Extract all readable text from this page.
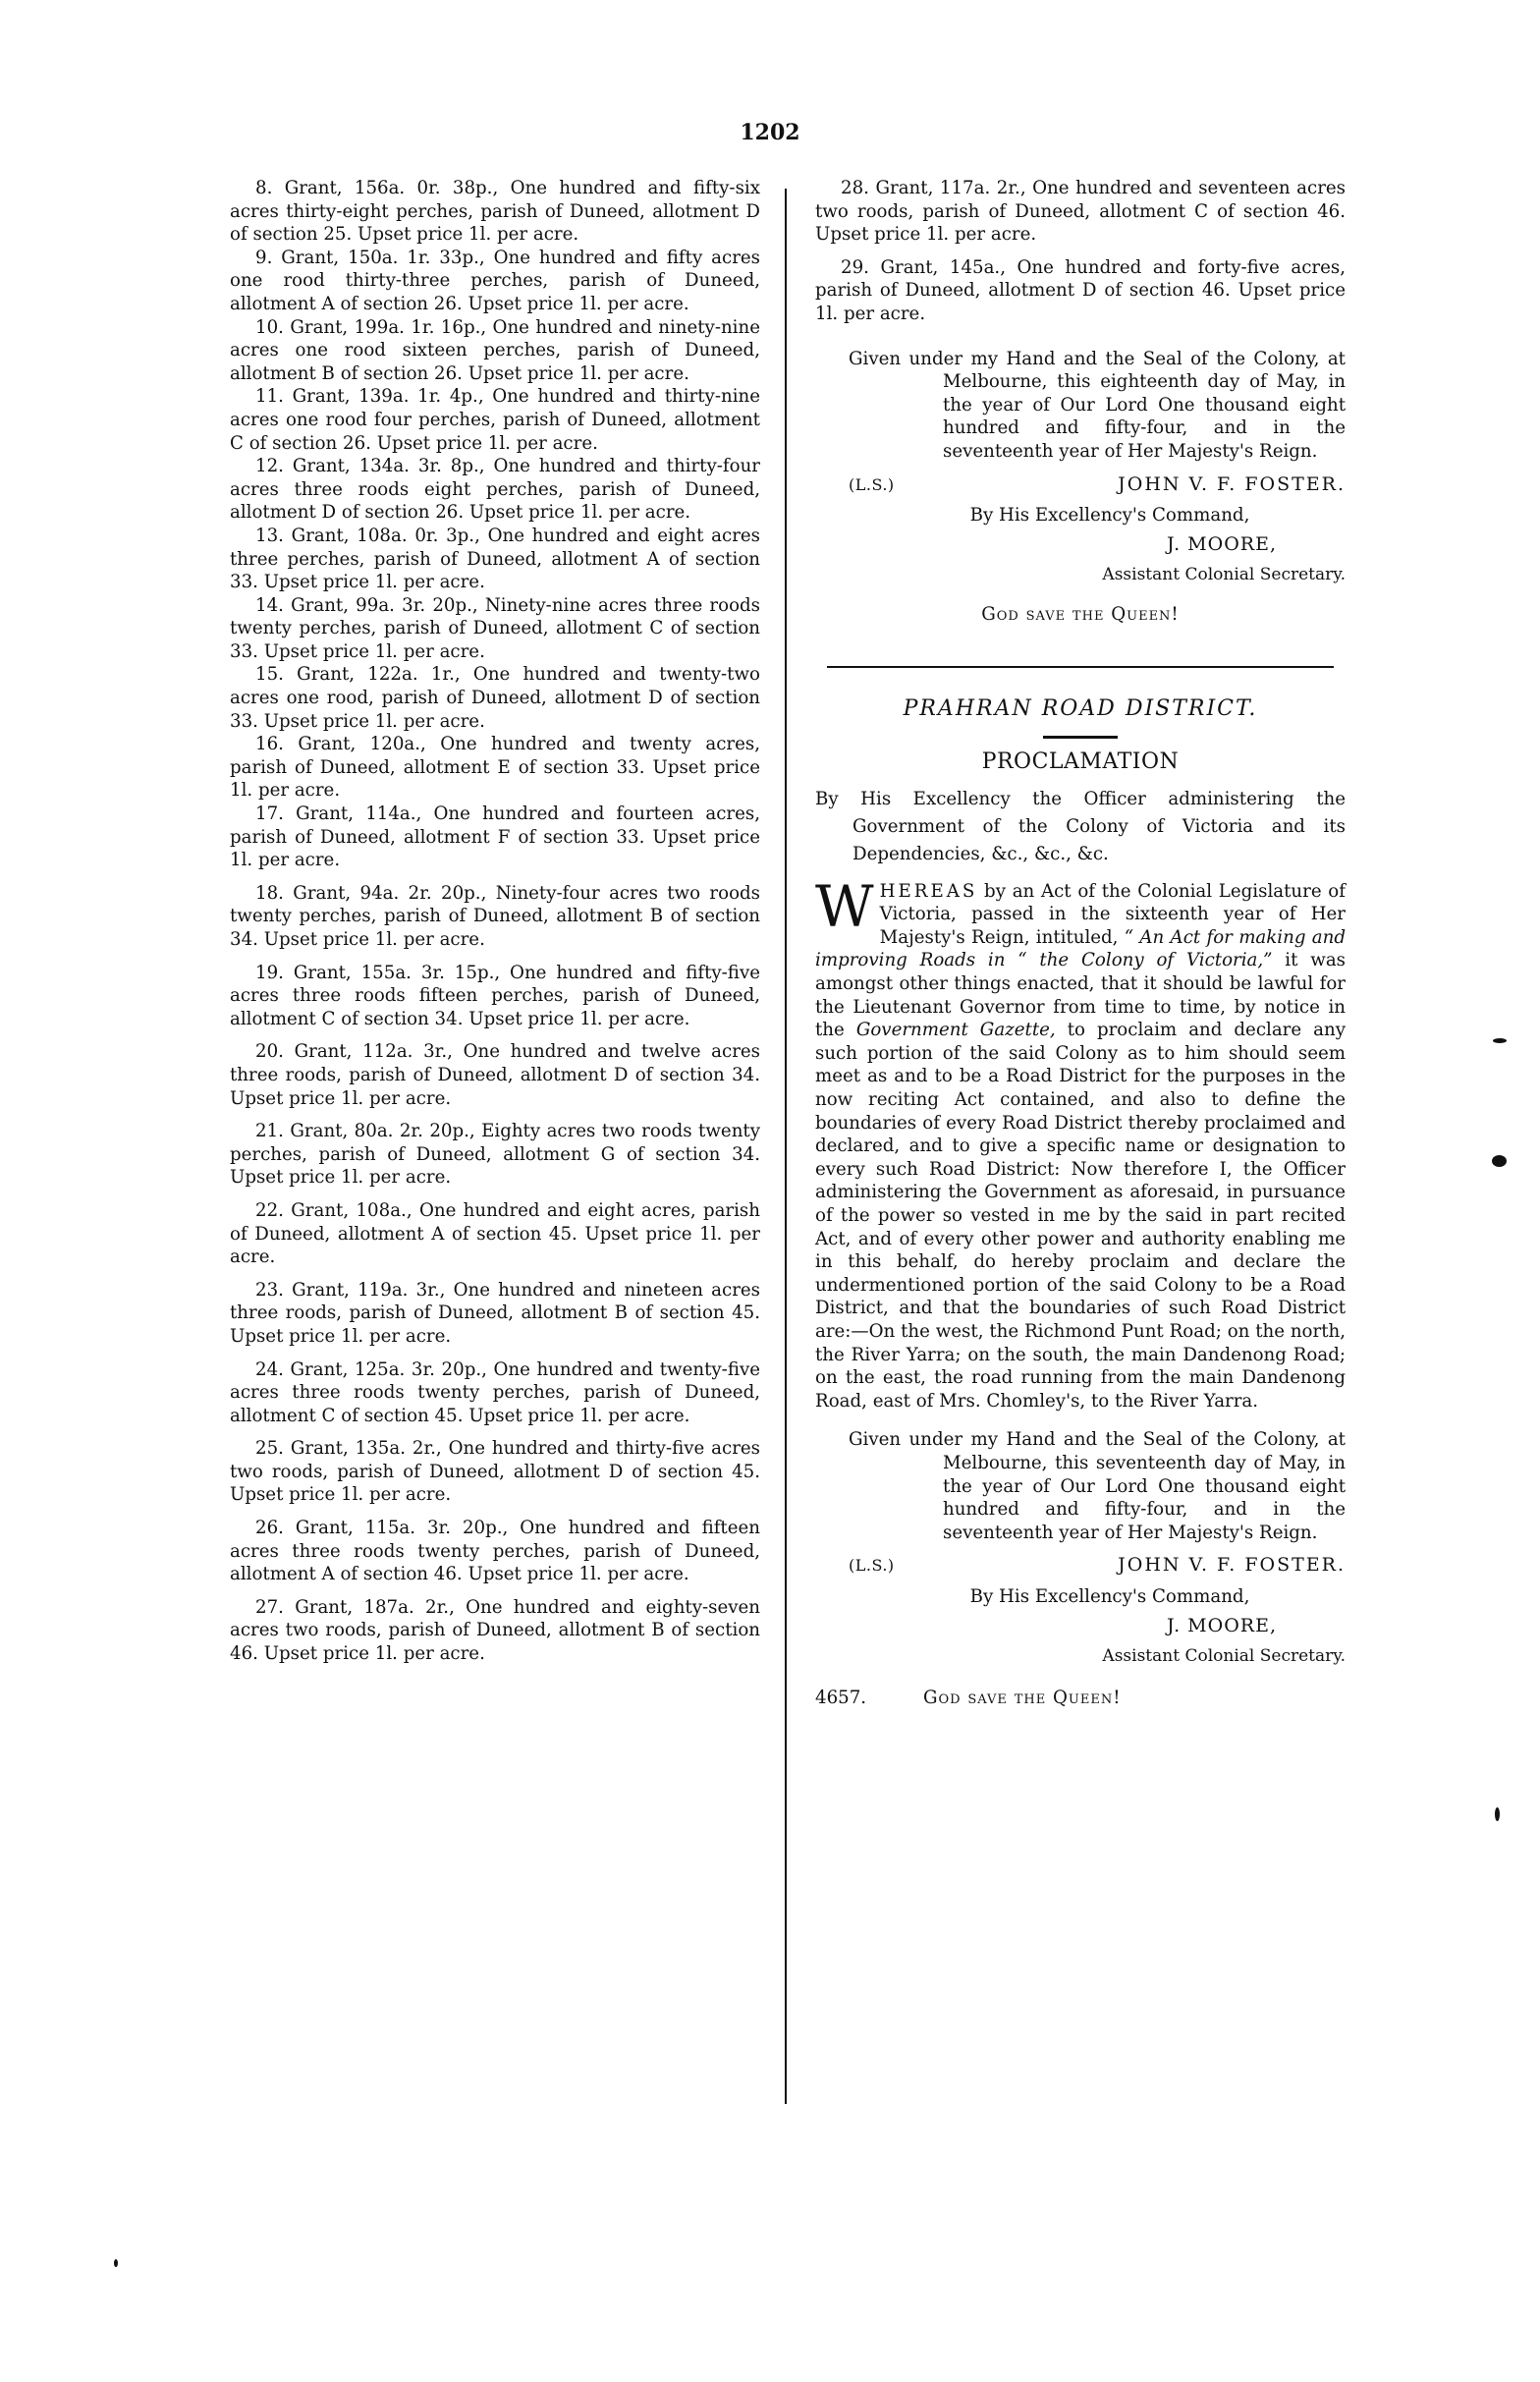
1202

8. Grant, 156a. 0r. 38p., One hundred and fifty-six acres thirty-eight perches, parish of Duneed, allotment D of section 25. Upset price 1l. per acre.

9. Grant, 150a. 1r. 33p., One hundred and fifty acres one rood thirty-three perches, parish of Duneed, allotment A of section 26. Upset price 1l. per acre.

10. Grant, 199a. 1r. 16p., One hundred and ninety-nine acres one rood sixteen perches, parish of Duneed, allotment B of section 26. Upset price 1l. per acre.

11. Grant, 139a. 1r. 4p., One hundred and thirty-nine acres one rood four perches, parish of Duneed, allotment C of section 26. Upset price 1l. per acre.

12. Grant, 134a. 3r. 8p., One hundred and thirty-four acres three roods eight perches, parish of Duneed, allotment D of section 26. Upset price 1l. per acre.

13. Grant, 108a. 0r. 3p., One hundred and eight acres three perches, parish of Duneed, allotment A of section 33. Upset price 1l. per acre.

14. Grant, 99a. 3r. 20p., Ninety-nine acres three roods twenty perches, parish of Duneed, allotment C of section 33. Upset price 1l. per acre.

15. Grant, 122a. 1r., One hundred and twenty-two acres one rood, parish of Duneed, allotment D of section 33. Upset price 1l. per acre.

16. Grant, 120a., One hundred and twenty acres, parish of Duneed, allotment E of section 33. Upset price 1l. per acre.

17. Grant, 114a., One hundred and fourteen acres, parish of Duneed, allotment F of section 33. Upset price 1l. per acre.

18. Grant, 94a. 2r. 20p., Ninety-four acres two roods twenty perches, parish of Duneed, allotment B of section 34. Upset price 1l. per acre.

19. Grant, 155a. 3r. 15p., One hundred and fifty-five acres three roods fifteen perches, parish of Duneed, allotment C of section 34. Upset price 1l. per acre.

20. Grant, 112a. 3r., One hundred and twelve acres three roods, parish of Duneed, allotment D of section 34. Upset price 1l. per acre.

21. Grant, 80a. 2r. 20p., Eighty acres two roods twenty perches, parish of Duneed, allotment G of section 34. Upset price 1l. per acre.

22. Grant, 108a., One hundred and eight acres, parish of Duneed, allotment A of section 45. Upset price 1l. per acre.

23. Grant, 119a. 3r., One hundred and nineteen acres three roods, parish of Duneed, allotment B of section 45. Upset price 1l. per acre.

24. Grant, 125a. 3r. 20p., One hundred and twenty-five acres three roods twenty perches, parish of Duneed, allotment C of section 45. Upset price 1l. per acre.

25. Grant, 135a. 2r., One hundred and thirty-five acres two roods, parish of Duneed, allotment D of section 45. Upset price 1l. per acre.

26. Grant, 115a. 3r. 20p., One hundred and fifteen acres three roods twenty perches, parish of Duneed, allotment A of section 46. Upset price 1l. per acre.

27. Grant, 187a. 2r., One hundred and eighty-seven acres two roods, parish of Duneed, allotment B of section 46. Upset price 1l. per acre.

28. Grant, 117a. 2r., One hundred and seventeen acres two roods, parish of Duneed, allotment C of section 46. Upset price 1l. per acre.

29. Grant, 145a., One hundred and forty-five acres, parish of Duneed, allotment D of section 46. Upset price 1l. per acre.

Given under my Hand and the Seal of the Colony, at Melbourne, this eighteenth day of May, in the year of Our Lord One thousand eight hundred and fifty-four, and in the seventeenth year of Her Majesty's Reign.

(L.S.)	JOHN V. F. FOSTER.
By His Excellency's Command,
J. MOORE,
Assistant Colonial Secretary.
God save the Queen!
PRAHRAN ROAD DISTRICT.
PROCLAMATION

By His Excellency the Officer administering the Government of the Colony of Victoria and its Dependencies, &c., &c., &c.

WHEREAS by an Act of the Colonial Legislature of Victoria, passed in the sixteenth year of Her Majesty's Reign, intituled, “ An Act for making and improving Roads in “ the Colony of Victoria,” it was amongst other things enacted, that it should be lawful for the Lieutenant Governor from time to time, by notice in the Government Gazette, to proclaim and declare any such portion of the said Colony as to him should seem meet as and to be a Road District for the purposes in the now reciting Act contained, and also to define the boundaries of every Road District thereby proclaimed and declared, and to give a specific name or designation to every such Road District: Now therefore I, the Officer administering the Government as aforesaid, in pursuance of the power so vested in me by the said in part recited Act, and of every other power and authority enabling me in this behalf, do hereby proclaim and declare the undermentioned portion of the said Colony to be a Road District, and that the boundaries of such Road District are:—On the west, the Richmond Punt Road; on the north, the River Yarra; on the south, the main Dandenong Road; on the east, the road running from the main Dandenong Road, east of Mrs. Chomley's, to the River Yarra.

Given under my Hand and the Seal of the Colony, at Melbourne, this seventeenth day of May, in the year of Our Lord One thousand eight hundred and fifty-four, and in the seventeenth year of Her Majesty's Reign.

(L.S.)	JOHN V. F. FOSTER.
By His Excellency's Command,
J. MOORE,
Assistant Colonial Secretary.
4657.	God save the Queen!
